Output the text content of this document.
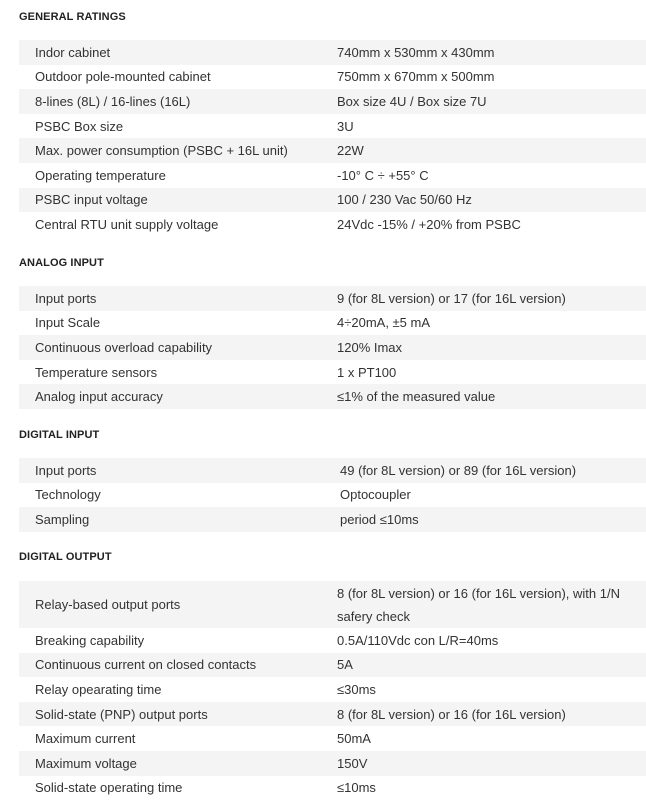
GENERAL RATINGS
Indor cabinet	740mm x 530mm x 430mm
Outdoor pole-mounted cabinet	750mm x 670mm x 500mm
8-lines (8L) / 16-lines (16L)	Box size 4U / Box size 7U
PSBC Box size	3U
Max. power consumption (PSBC + 16L unit)	22W
Operating temperature	-10° C ÷ +55° C
PSBC input voltage	100 / 230 Vac 50/60 Hz
Central RTU unit supply voltage	24Vdc -15% / +20% from PSBC
ANALOG INPUT
Input ports	9 (for 8L version) or 17 (for 16L version)
Input Scale	4÷20mA, ±5 mA
Continuous overload capability	120% Imax
Temperature sensors	1 x PT100
Analog input accuracy	≤1% of the measured value
DIGITAL INPUT
Input ports	49 (for 8L version) or 89 (for 16L version)
Technology	Optocoupler
Sampling	period ≤10ms
DIGITAL OUTPUT
Relay-based output ports	8 (for 8L version) or 16 (for 16L version), with 1/N safery check
Breaking capability	0.5A/110Vdc con L/R=40ms
Continuous current on closed contacts	5A
Relay opearating time	≤30ms
Solid-state (PNP) output ports	8 (for 8L version) or 16 (for 16L version)
Maximum current	50mA
Maximum voltage	150V
Solid-state operating time	≤10ms
